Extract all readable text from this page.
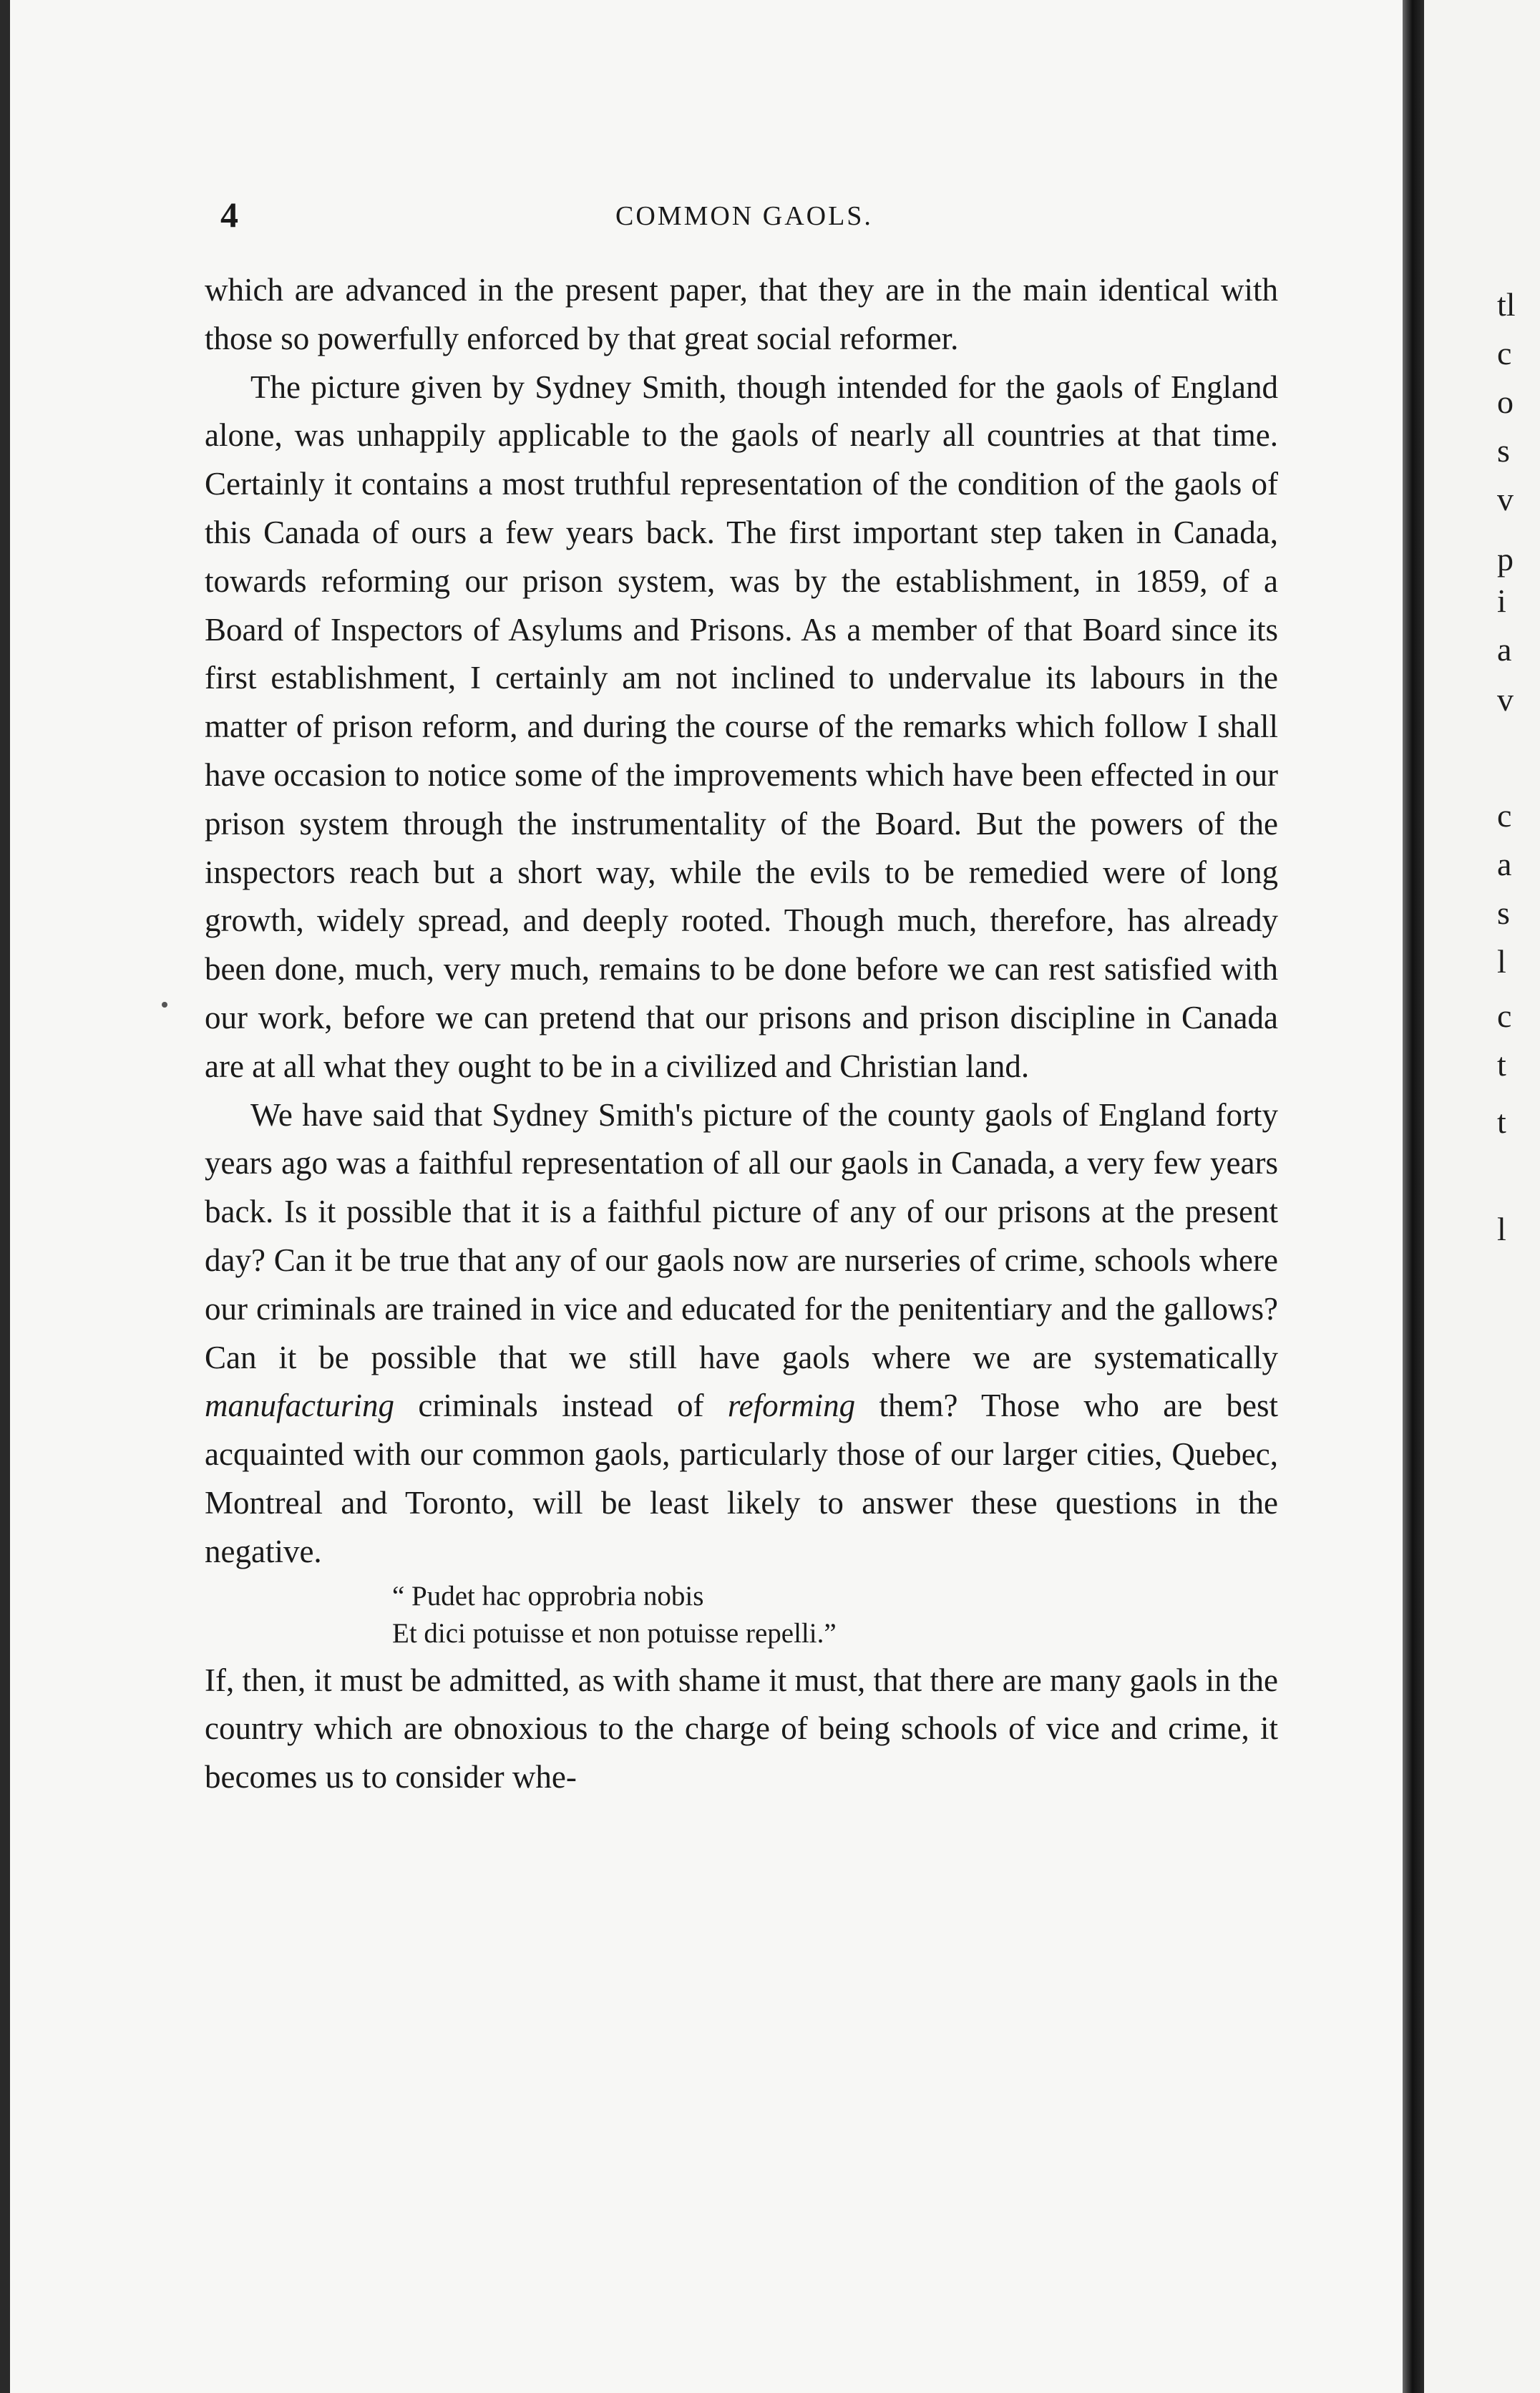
tl
c
o
s
v
p
i
a
v
c
a
s
l
c
t
t
l
4	COMMON GAOLS.

which are advanced in the present paper, that they are in the main identical with those so powerfully enforced by that great social reformer.

The picture given by Sydney Smith, though intended for the gaols of England alone, was unhappily applicable to the gaols of nearly all countries at that time. Certainly it contains a most truthful representation of the condition of the gaols of this Canada of ours a few years back. The first important step taken in Canada, towards reforming our prison system, was by the establishment, in 1859, of a Board of Inspectors of Asylums and Prisons. As a member of that Board since its first establishment, I certainly am not inclined to undervalue its labours in the matter of prison reform, and during the course of the remarks which follow I shall have occasion to notice some of the improvements which have been effected in our prison system through the instrumentality of the Board. But the powers of the inspectors reach but a short way, while the evils to be remedied were of long growth, widely spread, and deeply rooted. Though much, therefore, has already been done, much, very much, remains to be done before we can rest satisfied with our work, before we can pretend that our prisons and prison discipline in Canada are at all what they ought to be in a civilized and Christian land.

We have said that Sydney Smith's picture of the county gaols of England forty years ago was a faithful representation of all our gaols in Canada, a very few years back. Is it possible that it is a faithful picture of any of our prisons at the present day? Can it be true that any of our gaols now are nurseries of crime, schools where our criminals are trained in vice and educated for the penitentiary and the gallows? Can it be possible that we still have gaols where we are systematically manufacturing criminals instead of reforming them? Those who are best acquainted with our common gaols, particularly those of our larger cities, Quebec, Montreal and Toronto, will be least likely to answer these questions in the negative.

“ Pudet hac opprobria nobis
Et dici potuisse et non potuisse repelli.”

If, then, it must be admitted, as with shame it must, that there are many gaols in the country which are obnoxious to the charge of being schools of vice and crime, it becomes us to consider whe-
